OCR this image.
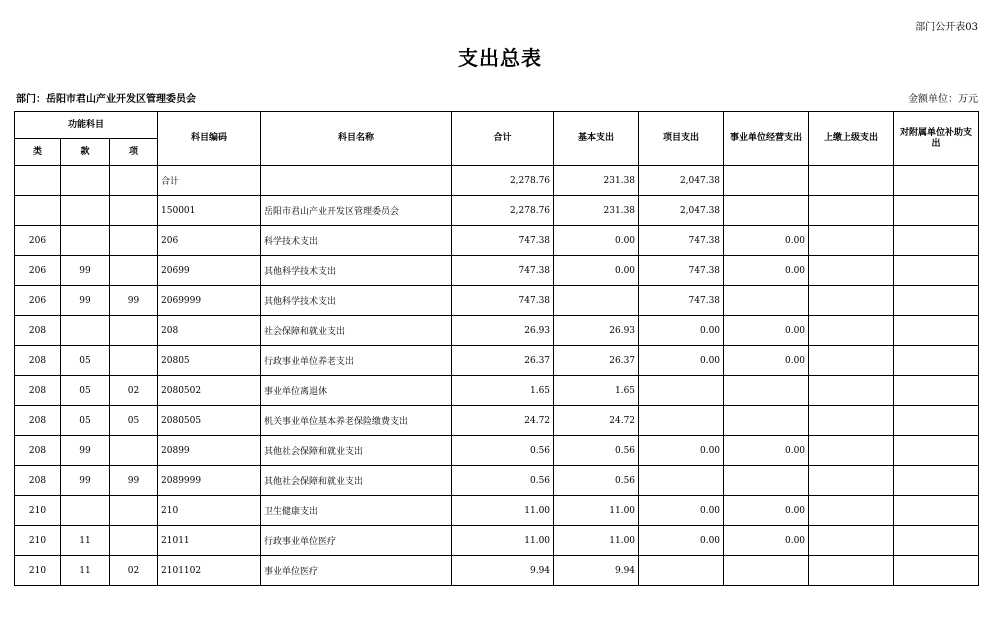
部门公开表03
支出总表
部门：岳阳市君山产业开发区管理委员会	金额单位：万元
功能科目			科目编码	科目名称	合计	基本支出	项目支出	事业单位经营支出	上缴上级支出	对附属单位补助支出
类	款	项								
			合计		2,278.76	231.38	2,047.38			
			150001	岳阳市君山产业开发区管理委员会	2,278.76	231.38	2,047.38			
206			206	科学技术支出	747.38	0.00	747.38	0.00		
206	99		20699	其他科学技术支出	747.38	0.00	747.38	0.00		
206	99	99	2069999	其他科学技术支出	747.38		747.38			
208			208	社会保障和就业支出	26.93	26.93	0.00	0.00		
208	05		20805	行政事业单位养老支出	26.37	26.37	0.00	0.00		
208	05	02	2080502	事业单位离退休	1.65	1.65				
208	05	05	2080505	机关事业单位基本养老保险缴费支出	24.72	24.72				
208	99		20899	其他社会保障和就业支出	0.56	0.56	0.00	0.00		
208	99	99	2089999	其他社会保障和就业支出	0.56	0.56				
210			210	卫生健康支出	11.00	11.00	0.00	0.00		
210	11		21011	行政事业单位医疗	11.00	11.00	0.00	0.00		
210	11	02	2101102	事业单位医疗	9.94	9.94				
